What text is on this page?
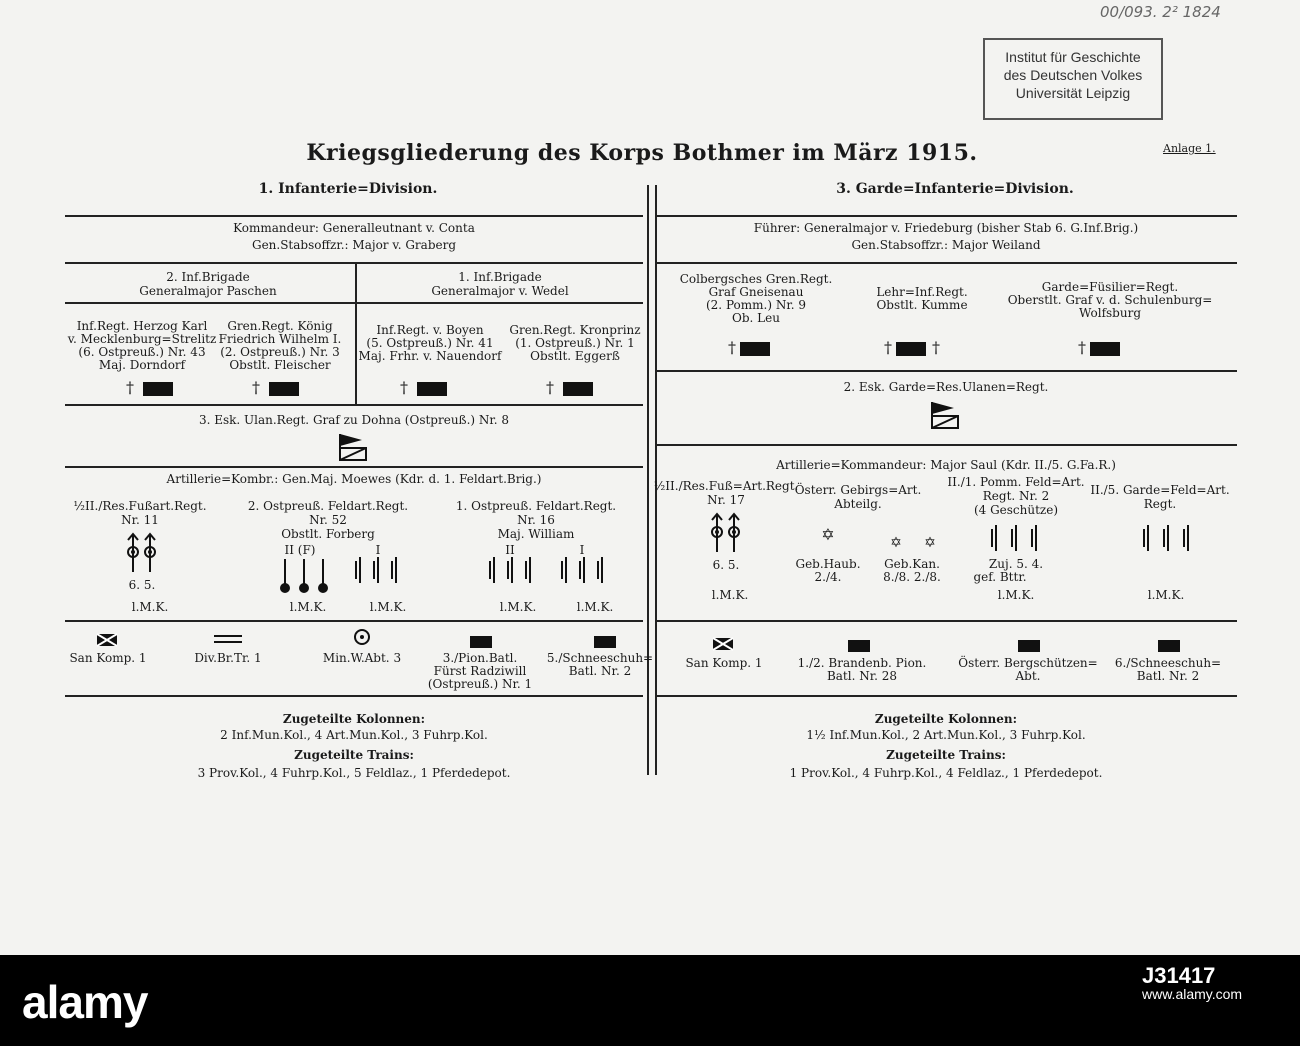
00/093. 2² 1824
Institut für Geschichte
des Deutschen Volkes
Universität Leipzig
Anlage 1.
Kriegsgliederung des Korps Bothmer im März 1915.
1. Infanterie=Division.	3. Garde=Infanterie=Division.
Kommandeur: Generalleutnant v. Conta
Gen.Stabsoffzr.: Major v. Graberg
2. Inf.Brigade
Generalmajor Paschen
1. Inf.Brigade
Generalmajor v. Wedel
Inf.Regt. Herzog Karl
v. Mecklenburg=Strelitz
(6. Ostpreuß.) Nr. 43
Maj. Dorndorf
Gren.Regt. König
Friedrich Wilhelm I.
(2. Ostpreuß.) Nr. 3
Obstlt. Fleischer
Inf.Regt. v. Boyen
(5. Ostpreuß.) Nr. 41
Maj. Frhr. v. Nauendorf
Gren.Regt. Kronprinz
(1. Ostpreuß.) Nr. 1
Obstlt. Eggerß
†	†	†	†
3. Esk. Ulan.Regt. Graf zu Dohna (Ostpreuß.) Nr. 8
Artillerie=Kombr.: Gen.Maj. Moewes (Kdr. d. 1. Feldart.Brig.)
½II./Res.Fußart.Regt.
Nr. 11
6. 5.
l.M.K.
2. Ostpreuß. Feldart.Regt.
Nr. 52
Obstlt. Forberg
II (F)	I
l.M.K.	l.M.K.
1. Ostpreuß. Feldart.Regt.
Nr. 16
Maj. William
II	I
l.M.K.	l.M.K.
San Komp. 1	Div.Br.Tr. 1	Min.W.Abt. 3	3./Pion.Batl.
Fürst Radziwill
(Ostpreuß.) Nr. 1
5./Schneeschuh=
Batl. Nr. 2
Zugeteilte Kolonnen:
2 Inf.Mun.Kol., 4 Art.Mun.Kol., 3 Fuhrp.Kol.
Zugeteilte Trains:
3 Prov.Kol., 4 Fuhrp.Kol., 5 Feldlaz., 1 Pferdedepot.
Führer: Generalmajor v. Friedeburg (bisher Stab 6. G.Inf.Brig.)
Gen.Stabsoffzr.: Major Weiland
Colbergsches Gren.Regt.
Graf Gneisenau
(2. Pomm.) Nr. 9
Ob. Leu
Lehr=Inf.Regt.
Obstlt. Kumme
Garde=Füsilier=Regt.
Oberstlt. Graf v. d. Schulenburg=
Wolfsburg
†	†	†	†
2. Esk. Garde=Res.Ulanen=Regt.
Artillerie=Kommandeur: Major Saul (Kdr. II./5. G.Fa.R.)
½II./Res.Fuß=Art.Regt.
Nr. 17
6. 5.
l.M.K.
Österr. Gebirgs=Art.
Abteilg.
✡	✡ ✡
Geb.Haub.
2./4.
Geb.Kan.
8./8. 2./8.
II./1. Pomm. Feld=Art.
Regt. Nr. 2
(4 Geschütze)
Zuj. 5. 4.
gef. Bttr.
l.M.K.
II./5. Garde=Feld=Art.
Regt.
l.M.K.
San Komp. 1	1./2. Brandenb. Pion.
Batl. Nr. 28
Österr. Bergschützen=
Abt.
6./Schneeschuh=
Batl. Nr. 2
Zugeteilte Kolonnen:
1½ Inf.Mun.Kol., 2 Art.Mun.Kol., 3 Fuhrp.Kol.
Zugeteilte Trains:
1 Prov.Kol., 4 Fuhrp.Kol., 4 Feldlaz., 1 Pferdedepot.
alamy
J31417
www.alamy.com
